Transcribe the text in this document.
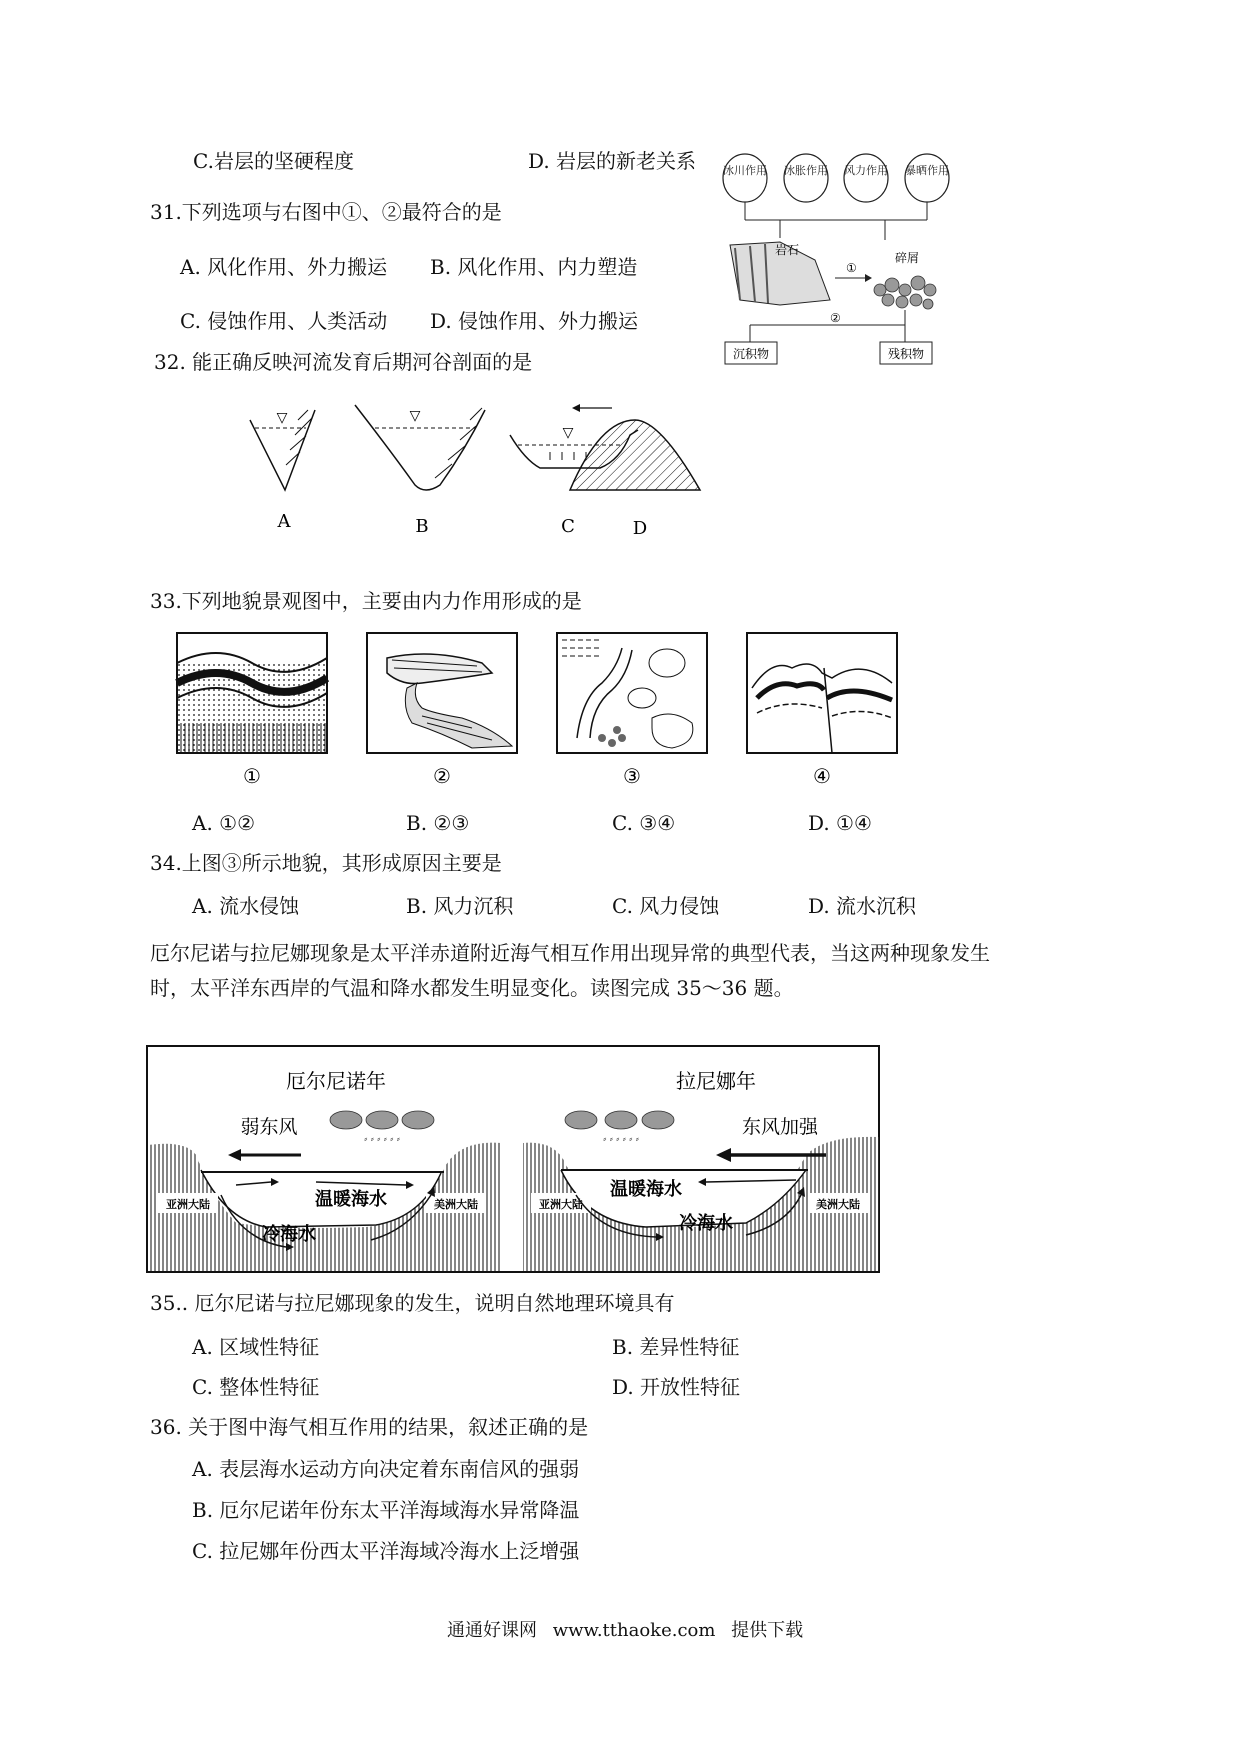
C.岩层的坚硬程度	D. 岩层的新老关系
31.下列选项与右图中①、②最符合的是
A. 风化作用、外力搬运 B. 风化作用、内力塑造
C. 侵蚀作用、人类活动 D. 侵蚀作用、外力搬运
冰川作用 冰胀作用 风力作用 暴晒作用
岩石
①
碎屑
②
沉积物	残积物
32. 能正确反映河流发育后期河谷剖面的是
▽
A
▽
B
▽
C	D
33.下列地貌景观图中，主要由内力作用形成的是
①	②	③	④
A. ①②	B. ②③	C. ③④	D. ①④
34.上图③所示地貌，其形成原因主要是
A. 流水侵蚀	B. 风力沉积	C. 风力侵蚀	D. 流水沉积
厄尔尼诺与拉尼娜现象是太平洋赤道附近海气相互作用出现异常的典型代表，当这两种现象发生
时，太平洋东西岸的气温和降水都发生明显变化。读图完成 35～36 题。
亚洲大陆	美洲大陆
厄尔尼诺年
弱东风
⸗ ⸗ ⸗ ⸗ ⸗ ⸗
温暖海水
冷海水
亚洲大陆	美洲大陆
拉尼娜年
东风加强
⸗ ⸗ ⸗ ⸗ ⸗ ⸗
温暖海水
冷海水
35.. 厄尔尼诺与拉尼娜现象的发生，说明自然地理环境具有
A. 区域性特征	B. 差异性特征
C. 整体性特征	D. 开放性特征
36. 关于图中海气相互作用的结果，叙述正确的是
A. 表层海水运动方向决定着东南信风的强弱
B. 厄尔尼诺年份东太平洋海域海水异常降温
C. 拉尼娜年份西太平洋海域冷海水上泛增强
通通好课网 www.tthaoke.com 提供下载
